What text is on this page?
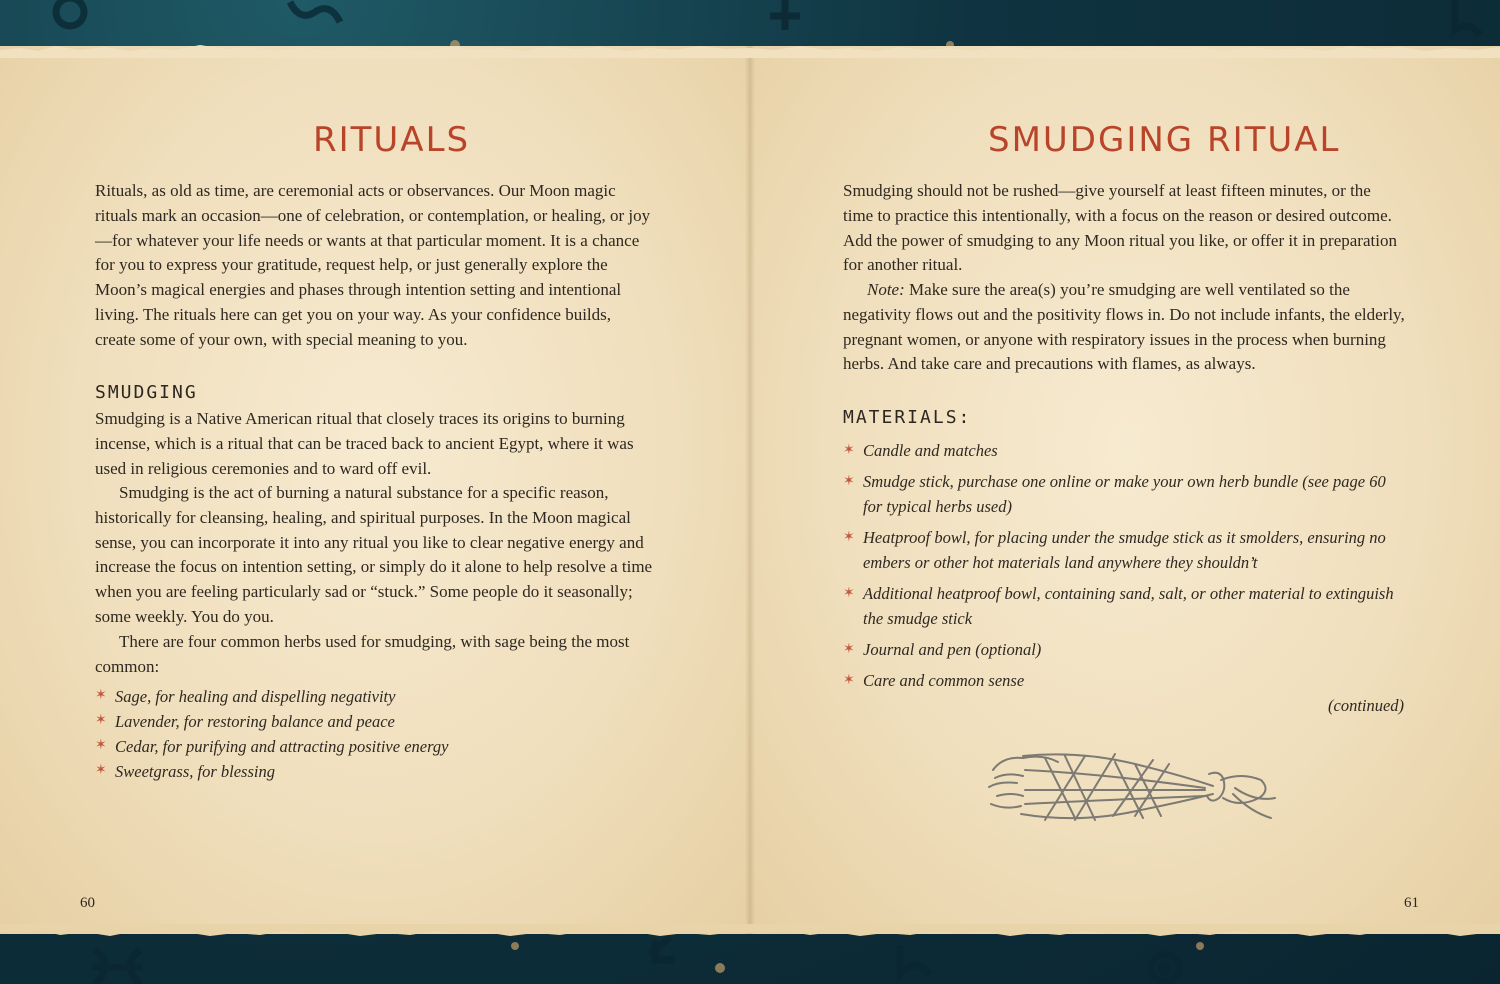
RITUALS

Rituals, as old as time, are ceremonial acts or observances. Our Moon magic rituals mark an occasion—one of celebration, or contemplation, or healing, or joy—for whatever your life needs or wants at that particular moment. It is a chance for you to express your gratitude, request help, or just generally explore the Moon’s magical energies and phases through intention setting and intentional living. The rituals here can get you on your way. As your confidence builds, create some of your own, with special meaning to you.

SMUDGING

Smudging is a Native American ritual that closely traces its origins to burning incense, which is a ritual that can be traced back to ancient Egypt, where it was used in religious ceremonies and to ward off evil.

Smudging is the act of burning a natural substance for a specific reason, historically for cleansing, healing, and spiritual purposes. In the Moon magical sense, you can incorporate it into any ritual you like to clear negative energy and increase the focus on intention setting, or simply do it alone to help resolve a time when you are feeling particularly sad or “stuck.” Some people do it seasonally; some weekly. You do you.

There are four common herbs used for smudging, with sage being the most common:

✶ Sage, for healing and dispelling negativity
✶ Lavender, for restoring balance and peace
✶ Cedar, for purifying and attracting positive energy
✶ Sweetgrass, for blessing
60
SMUDGING RITUAL

Smudging should not be rushed—give yourself at least fifteen minutes, or the time to practice this intentionally, with a focus on the reason or desired outcome. Add the power of smudging to any Moon ritual you like, or offer it in preparation for another ritual.

Note: Make sure the area(s) you’re smudging are well ventilated so the negativity flows out and the positivity flows in. Do not include infants, the elderly, pregnant women, or anyone with respiratory issues in the process when burning herbs. And take care and precautions with flames, as always.

MATERIALS:
✶ Candle and matches
✶ Smudge stick, purchase one online or make your own herb bundle (see page 60 for typical herbs used)
✶ Heatproof bowl, for placing under the smudge stick as it smolders, ensuring no embers or other hot materials land anywhere they shouldn’t
✶ Additional heatproof bowl, containing sand, salt, or other material to extinguish the smudge stick
✶ Journal and pen (optional)
✶ Care and common sense
(continued)
61
